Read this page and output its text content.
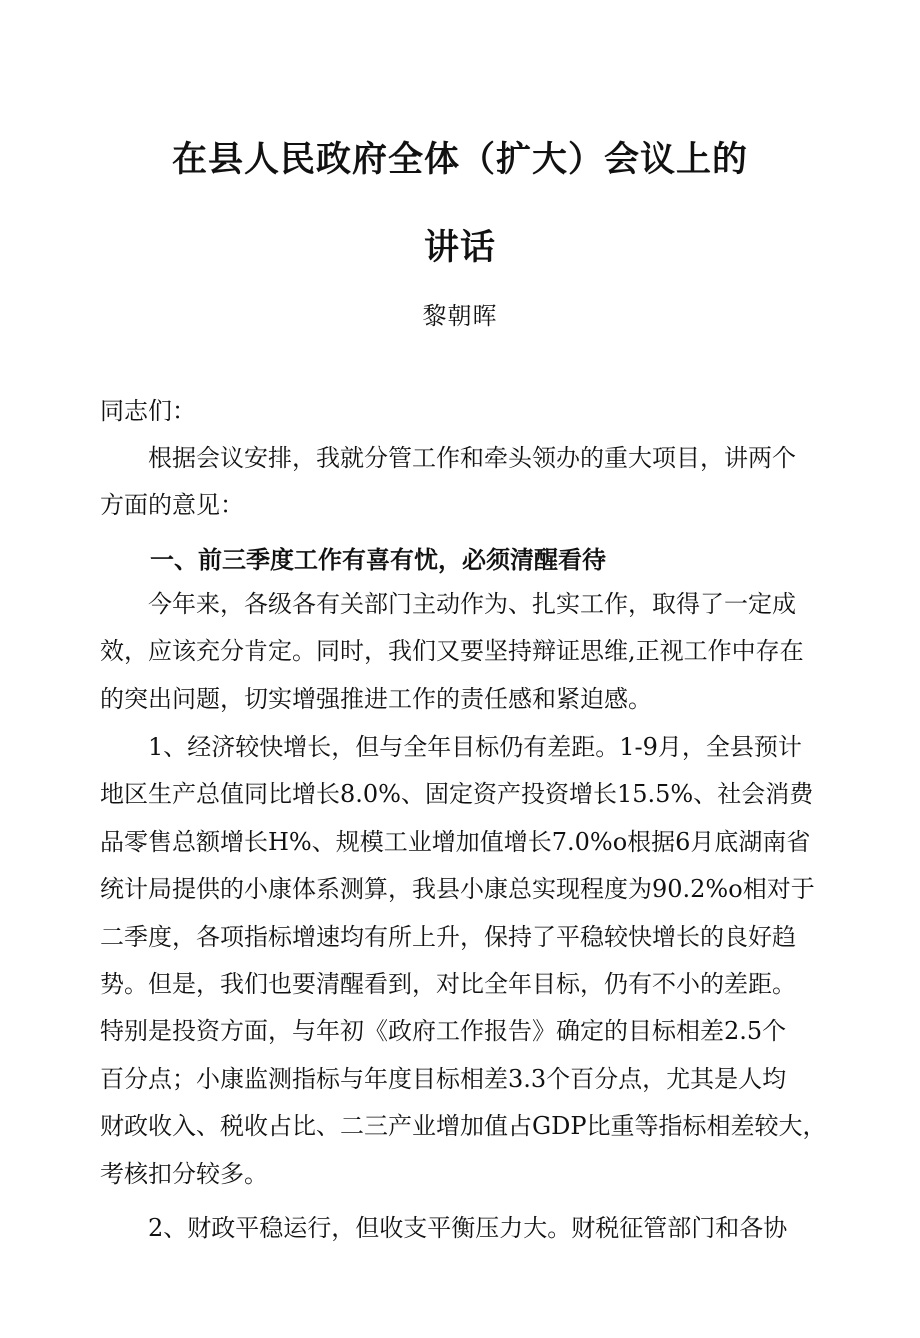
在县人民政府全体（扩大）会议上的
讲话
黎朝晖
同志们：
　　根据会议安排，我就分管工作和牵头领办的重大项目，讲两个
方面的意见：
一、前三季度工作有喜有忧，必须清醒看待
　　今年来，各级各有关部门主动作为、扎实工作，取得了一定成
效，应该充分肯定。同时，我们又要坚持辩证思维,正视工作中存在
的突出问题，切实增强推进工作的责任感和紧迫感。
　　1、经济较快增长，但与全年目标仍有差距。1-9月，全县预计
地区生产总值同比增长8.0%、固定资产投资增长15.5%、社会消费
品零售总额增长H%、规模工业增加值增长7.0%o根据6月底湖南省
统计局提供的小康体系测算，我县小康总实现程度为90.2%o相对于
二季度，各项指标增速均有所上升，保持了平稳较快增长的良好趋
势。但是，我们也要清醒看到，对比全年目标，仍有不小的差距。
特别是投资方面，与年初《政府工作报告》确定的目标相差2.5个
百分点；小康监测指标与年度目标相差3.3个百分点，尤其是人均
财政收入、税收占比、二三产业增加值占GDP比重等指标相差较大，
考核扣分较多。
　　2、财政平稳运行，但收支平衡压力大。财税征管部门和各协
